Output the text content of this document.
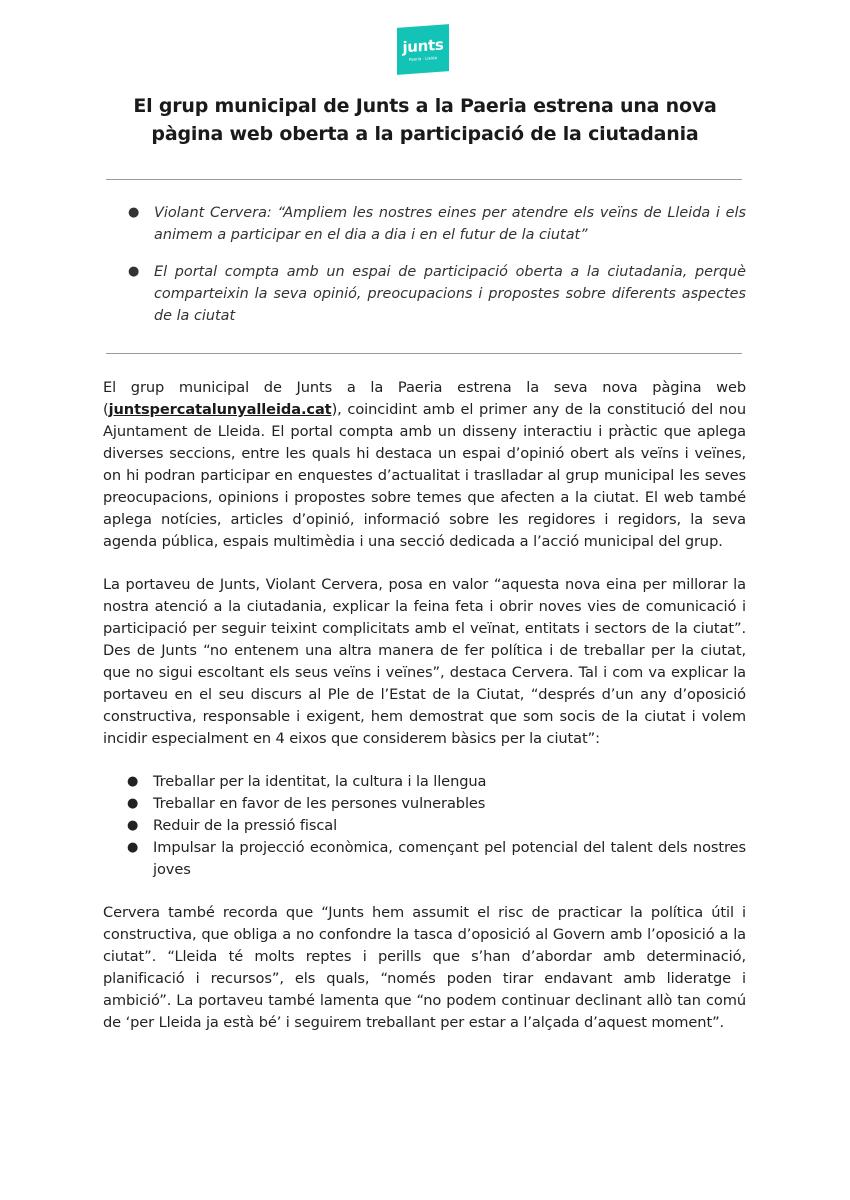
junts
Paeria · Lleida
El grup municipal de Junts a la Paeria estrena una nova pàgina web oberta a la participació de la ciutadania
● Violant Cervera: “Ampliem les nostres eines per atendre els veïns de Lleida i els animem a participar en el dia a dia i en el futur de la ciutat”
● El portal compta amb un espai de participació oberta a la ciutadania, perquè comparteixin la seva opinió, preocupacions i propostes sobre diferents aspectes de la ciutat

El grup municipal de Junts a la Paeria estrena la seva nova pàgina web (juntspercatalunyalleida.cat), coincidint amb el primer any de la constitució del nou Ajuntament de Lleida. El portal compta amb un disseny interactiu i pràctic que aplega diverses seccions, entre les quals hi destaca un espai d’opinió obert als veïns i veïnes, on hi podran participar en enquestes d’actualitat i traslladar al grup municipal les seves preocupacions, opinions i propostes sobre temes que afecten a la ciutat. El web també aplega notícies, articles d’opinió, informació sobre les regidores i regidors, la seva agenda pública, espais multimèdia i una secció dedicada a l’acció municipal del grup.

La portaveu de Junts, Violant Cervera, posa en valor “aquesta nova eina per millorar la nostra atenció a la ciutadania, explicar la feina feta i obrir noves vies de comunicació i participació per seguir teixint complicitats amb el veïnat, entitats i sectors de la ciutat”. Des de Junts “no entenem una altra manera de fer política i de treballar per la ciutat, que no sigui escoltant els seus veïns i veïnes”, destaca Cervera. Tal i com va explicar la portaveu en el seu discurs al Ple de l’Estat de la Ciutat, “després d’un any d’oposició constructiva, responsable i exigent, hem demostrat que som socis de la ciutat i volem incidir especialment en 4 eixos que considerem bàsics per la ciutat”:

● Treballar per la identitat, la cultura i la llengua
● Treballar en favor de les persones vulnerables
● Reduir de la pressió fiscal
● Impulsar la projecció econòmica, començant pel potencial del talent dels nostres joves

Cervera també recorda que “Junts hem assumit el risc de practicar la política útil i constructiva, que obliga a no confondre la tasca d’oposició al Govern amb l’oposició a la ciutat”. “Lleida té molts reptes i perills que s’han d’abordar amb determinació, planificació i recursos”, els quals, “només poden tirar endavant amb lideratge i ambició”. La portaveu també lamenta que “no podem continuar declinant allò tan comú de ‘per Lleida ja està bé’ i seguirem treballant per estar a l’alçada d’aquest moment”.
